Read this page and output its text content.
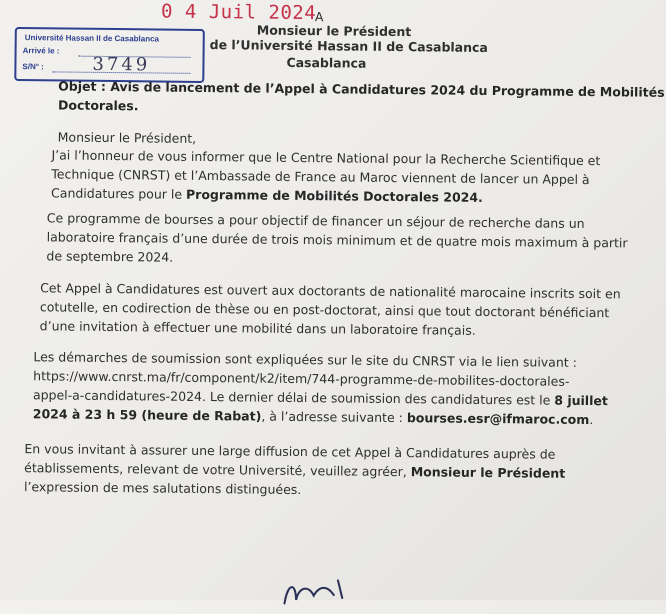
0 4 Juil 2024
A
Monsieur le Président
de l’Université Hassan II de Casablanca
Casablanca
Université Hassan II de Casablanca
Arrivé le :
S/N° :	3749
Objet : Avis de lancement de l’Appel à Candidatures 2024 du Programme de Mobilités
Doctorales.
Monsieur le Président,
J’ai l’honneur de vous informer que le Centre National pour la Recherche Scientifique et
Technique (CNRST) et l’Ambassade de France au Maroc viennent de lancer un Appel à
Candidatures pour le Programme de Mobilités Doctorales 2024.
Ce programme de bourses a pour objectif de financer un séjour de recherche dans un
laboratoire français d’une durée de trois mois minimum et de quatre mois maximum à partir
de septembre 2024.
Cet Appel à Candidatures est ouvert aux doctorants de nationalité marocaine inscrits soit en
cotutelle, en codirection de thèse ou en post-doctorat, ainsi que tout doctorant bénéficiant
d’une invitation à effectuer une mobilité dans un laboratoire français.
Les démarches de soumission sont expliquées sur le site du CNRST via le lien suivant :
https://www.cnrst.ma/fr/component/k2/item/744-programme-de-mobilites-doctorales-
appel-a-candidatures-2024. Le dernier délai de soumission des candidatures est le 8 juillet
2024 à 23 h 59 (heure de Rabat), à l’adresse suivante : bourses.esr@ifmaroc.com.
En vous invitant à assurer une large diffusion de cet Appel à Candidatures auprès de
établissements, relevant de votre Université, veuillez agréer, Monsieur le Président
l’expression de mes salutations distinguées.
